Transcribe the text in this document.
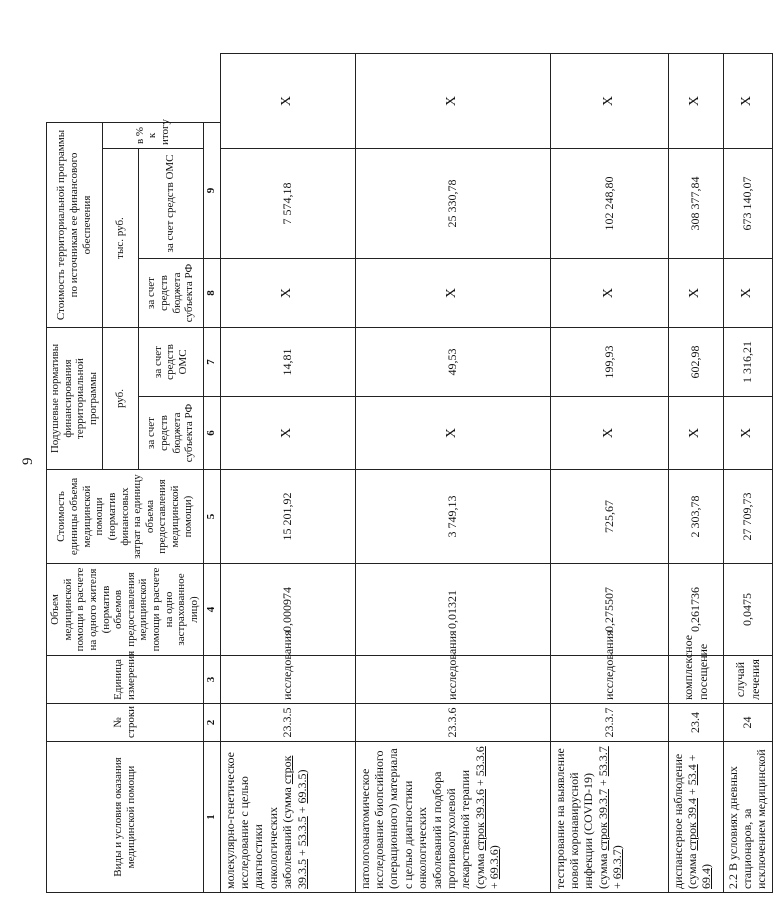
9
Виды и условия оказания медицинской помощи	№ строки	Единица измерения	Объем медицинской помощи в расчете на одного жителя (норматив объемов предоставления медицинской помощи в расчете на одно застрахованное лицо)	Стоимость единицы объема медицинской помощи (норматив финансовых затрат на единицу объема предоставления медицинской помощи)	Подушевые нормативы финансирования территориальной программы		Стоимость территориальной программы по источникам ее финансового обеспечения		
					руб.		тыс. руб.		в % к итогу
					за счет средств бюджета субъекта РФ	за счет средств ОМС	за счет средств бюджета субъекта РФ	за счет средств ОМС	
1	2	3	4	5	6	7	8	9	
молекулярно-генетическое исследование с целью диагностики онкологических заболеваний (сумма строк 39.3.5 + 53.3.5 + 69.3.5)	23.3.5	исследования	0,000974	15 201,92	X	14,81	X	7 574,18	X
патологоанатомическое исследование биопсийного (операционного) материала с целью диагностики онкологических заболеваний и подбора противоопухолевой лекарственной терапии (сумма строк 39.3.6 + 53.3.6 + 69.3.6)	23.3.6	исследования	0,01321	3 749,13	X	49,53	X	25 330,78	X
тестирование на выявление новой коронавирусной инфекции (COVID-19) (сумма строк 39.3.7 + 53.3.7 + 69.3.7)	23.3.7	исследования	0,275507	725,67	X	199,93	X	102 248,80	X
диспансерное наблюдение (сумма строк 39.4 + 53.4 + 69.4)	23.4	комплексное посещение	0,261736	2 303,78	X	602,98	X	308 377,84	X
2.2 В условиях дневных стационаров, за исключением медицинской	24	случай лечения	0,0475	27 709,73	X	1 316,21	X	673 140,07	X
